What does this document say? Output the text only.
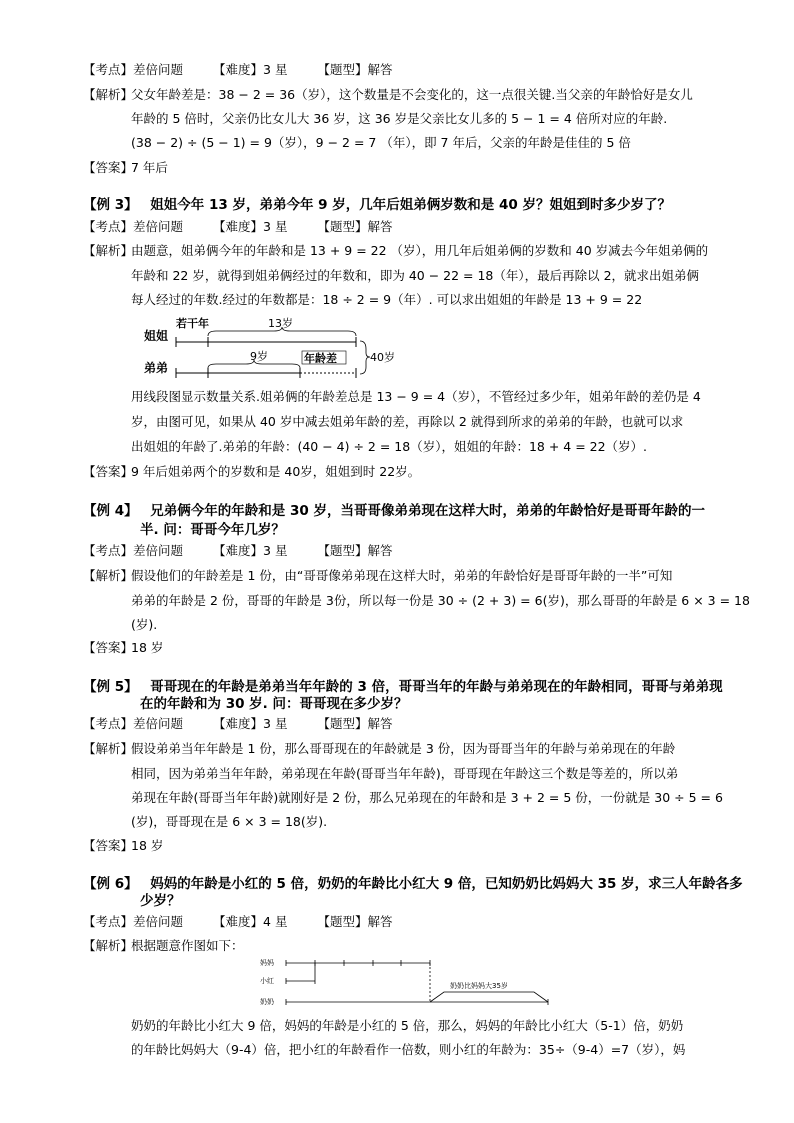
【考点】差倍问题 【难度】3 星 【题型】解答
【解析】
父女年龄差是：38 − 2 = 36（岁），这个数量是不会变化的，这一点很关键.当父亲的年龄恰好是女儿
年龄的 5 倍时，父亲仍比女儿大 36 岁，这 36 岁是父亲比女儿多的 5 − 1 = 4 倍所对应的年龄.
(38 − 2) ÷ (5 − 1) = 9（岁），9 − 2 = 7 （年），即 7 年后，父亲的年龄是佳佳的 5 倍
【答案】
7 年后
【例 3】 姐姐今年 13 岁，弟弟今年 9 岁，几年后姐弟俩岁数和是 40 岁？姐姐到时多少岁了？
【考点】差倍问题 【难度】3 星 【题型】解答
【解析】
由题意，姐弟俩今年的年龄和是 13 + 9 = 22 （岁），用几年后姐弟俩的岁数和 40 岁减去今年姐弟俩的
年龄和 22 岁，就得到姐弟俩经过的年数和，即为 40 − 22 = 18（年），最后再除以 2，就求出姐弟俩
每人经过的年数.经过的年数都是：18 ÷ 2 = 9（年）. 可以求出姐姐的年龄是 13 + 9 = 22
姐姐
弟弟
若干年	13岁
9岁	年龄差	40岁
用线段图显示数量关系.姐弟俩的年龄差总是 13 − 9 = 4（岁），不管经过多少年，姐弟年龄的差仍是 4
岁，由图可见，如果从 40 岁中减去姐弟年龄的差，再除以 2 就得到所求的弟弟的年龄，也就可以求
出姐姐的年龄了.弟弟的年龄：(40 − 4) ÷ 2 = 18（岁），姐姐的年龄：18 + 4 = 22（岁）.
【答案】
9 年后姐弟两个的岁数和是 40岁，姐姐到时 22岁。
【例 4】 兄弟俩今年的年龄和是 30 岁，当哥哥像弟弟现在这样大时，弟弟的年龄恰好是哥哥年龄的一
半. 问：哥哥今年几岁？
【考点】差倍问题 【难度】3 星 【题型】解答
【解析】
假设他们的年龄差是 1 份，由“哥哥像弟弟现在这样大时，弟弟的年龄恰好是哥哥年龄的一半”可知
弟弟的年龄是 2 份，哥哥的年龄是 3份，所以每一份是 30 ÷ (2 + 3) = 6(岁)，那么哥哥的年龄是 6 × 3 = 18
(岁).
【答案】
18 岁
【例 5】 哥哥现在的年龄是弟弟当年年龄的 3 倍，哥哥当年的年龄与弟弟现在的年龄相同，哥哥与弟弟现
在的年龄和为 30 岁. 问：哥哥现在多少岁？
【考点】差倍问题 【难度】3 星 【题型】解答
【解析】
假设弟弟当年年龄是 1 份，那么哥哥现在的年龄就是 3 份，因为哥哥当年的年龄与弟弟现在的年龄
相同，因为弟弟当年年龄，弟弟现在年龄(哥哥当年年龄)，哥哥现在年龄这三个数是等差的，所以弟
弟现在年龄(哥哥当年年龄)就刚好是 2 份，那么兄弟现在的年龄和是 3 + 2 = 5 份，一份就是 30 ÷ 5 = 6
(岁)，哥哥现在是 6 × 3 = 18(岁).
【答案】
18 岁
【例 6】 妈妈的年龄是小红的 5 倍，奶奶的年龄比小红大 9 倍，已知奶奶比妈妈大 35 岁，求三人年龄各多
少岁？
【考点】差倍问题 【难度】4 星 【题型】解答
【解析】
根据题意作图如下：
妈妈
小红
奶奶
奶奶比妈妈大35岁
奶奶的年龄比小红大 9 倍，妈妈的年龄是小红的 5 倍，那么，妈妈的年龄比小红大（5-1）倍，奶奶
的年龄比妈妈大（9-4）倍，把小红的年龄看作一倍数，则小红的年龄为：35÷（9-4）=7（岁），妈
